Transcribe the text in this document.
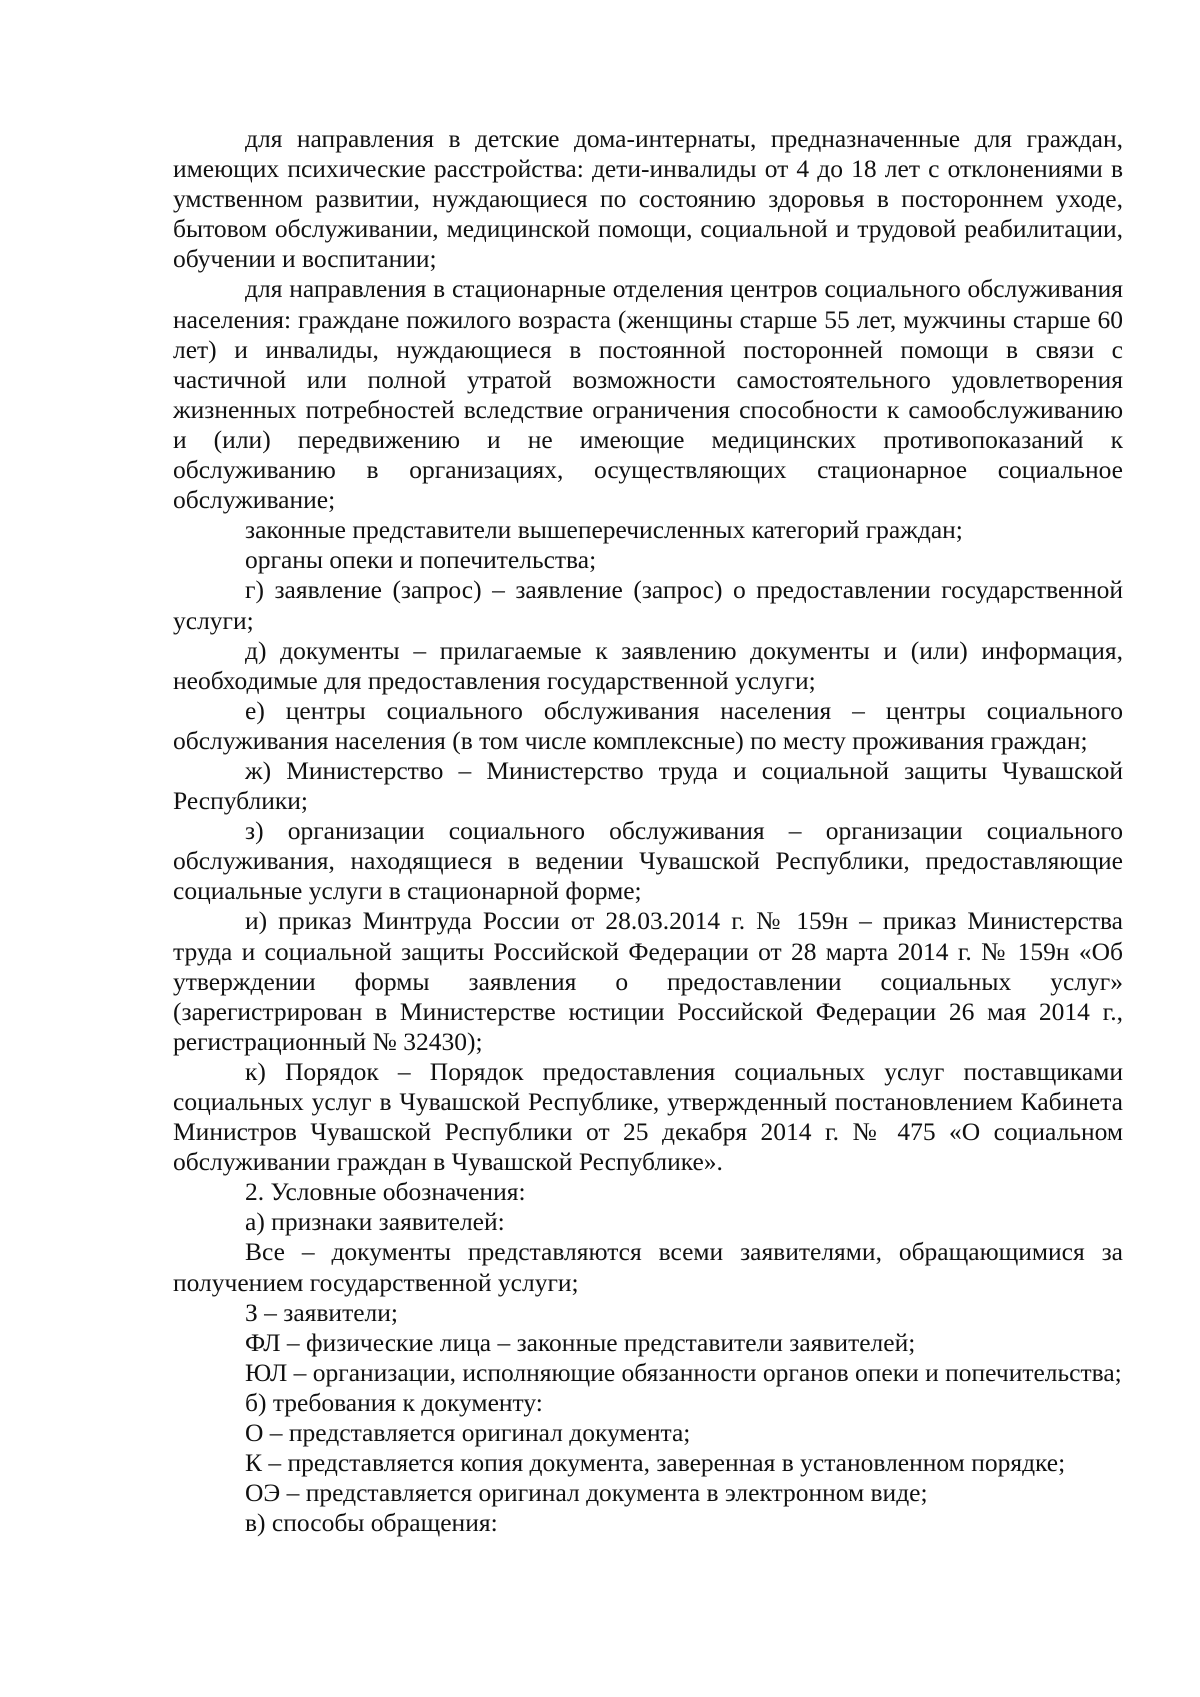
для направления в детские дома-интернаты, предназначенные для граждан, имеющих психические расстройства: дети-инвалиды от 4 до 18 лет с отклонениями в умственном развитии, нуждающиеся по состоянию здоровья в постороннем уходе, бытовом обслуживании, медицинской помощи, социальной и трудовой реабилитации, обучении и воспитании;

для направления в стационарные отделения центров социального обслуживания населения: граждане пожилого возраста (женщины старше 55 лет, мужчины старше 60 лет) и инвалиды, нуждающиеся в постоянной посторонней помощи в связи с частичной или полной утратой возможности самостоятельного удовлетворения жизненных потребностей вследствие ограничения способности к самообслуживанию и (или) передвижению и не имеющие медицинских противопоказаний к обслуживанию в организациях, осуществляющих стационарное социальное обслуживание;

законные представители вышеперечисленных категорий граждан;

органы опеки и попечительства;

г) заявление (запрос) – заявление (запрос) о предоставлении государственной услуги;

д) документы – прилагаемые к заявлению документы и (или) информация, необходимые для предоставления государственной услуги;

е) центры социального обслуживания населения – центры социального обслуживания населения (в том числе комплексные) по месту проживания граждан;

ж) Министерство – Министерство труда и социальной защиты Чувашской Республики;

з) организации социального обслуживания – организации социального обслуживания, находящиеся в ведении Чувашской Республики, предоставляющие социальные услуги в стационарной форме;

и) приказ Минтруда России от 28.03.2014 г. № 159н – приказ Министерства труда и социальной защиты Российской Федерации от 28 марта 2014 г. № 159н «Об утверждении формы заявления о предоставлении социальных услуг» (зарегистрирован в Министерстве юстиции Российской Федерации 26 мая 2014 г., регистрационный № 32430);

к) Порядок – Порядок предоставления социальных услуг поставщиками социальных услуг в Чувашской Республике, утвержденный постановлением Кабинета Министров Чувашской Республики от 25 декабря 2014 г. № 475 «О социальном обслуживании граждан в Чувашской Республике».

2. Условные обозначения:

а) признаки заявителей:

Все – документы представляются всеми заявителями, обращающимися за получением государственной услуги;

З – заявители;

ФЛ – физические лица – законные представители заявителей;

ЮЛ – организации, исполняющие обязанности органов опеки и попечительства;

б) требования к документу:

О – представляется оригинал документа;

К – представляется копия документа, заверенная в установленном порядке;

ОЭ – представляется оригинал документа в электронном виде;

в) способы обращения:
